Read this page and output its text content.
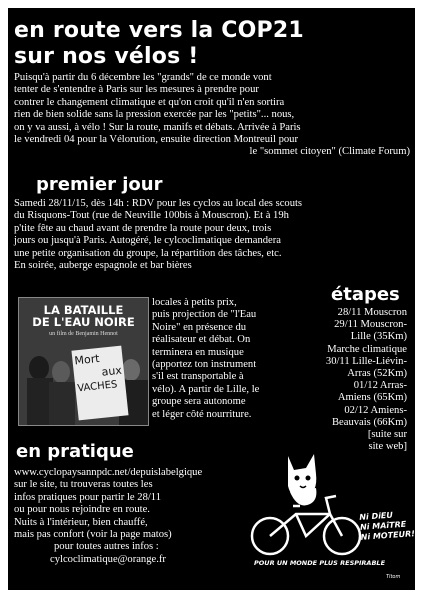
en route vers la COP21
sur nos vélos !

Puisqu'à partir du 6 décembre les "grands" de ce monde vont

tenter de s'entendre à Paris sur les mesures à prendre pour

contrer le changement climatique et qu'on croit qu'il n'en sortira

rien de bien solide sans la pression exercée par les "petits"... nous,

on y va aussi, à vélo ! Sur la route, manifs et débats. Arrivée à Paris

le vendredi 04 pour la Vélorution, ensuite direction Montreuil pour

le "sommet citoyen" (Climate Forum)

premier jour

Samedi 28/11/15, dès 14h : RDV pour les cyclos au local des scouts

du Risquons-Tout (rue de Neuville 100bis à Mouscron). Et à 19h

p'tite fête au chaud avant de prendre la route pour deux, trois

jours ou jusqu'à Paris. Autogéré, le cylcoclimatique demandera

une petite organisation du groupe, la répartition des tâches, etc.

En soirée, auberge espagnole et bar bières

LA BATAILLE
DE L'EAU NOIRE
un film de Benjamin Hennot
Mort
aux
VACHES

locales à petits prix,

puis projection de "l'Eau

Noire" en présence du

réalisateur et débat. On

terminera en musique

(apportez ton instrument

s'il est transportable à

vélo). A partir de Lille, le

groupe sera autonome

et léger côté nourriture.

étapes
28/11 Mouscron
29/11 Mouscron-
Lille (35Km)
Marche climatique
30/11 Lille-Liévin-
Arras (52Km)
01/12 Arras-
Amiens (65Km)
02/12 Amiens-
Beauvais (66Km)
[suite sur
site web]
en pratique

www.cyclopaysannpdc.net/depuislabelgique

sur le site, tu trouveras toutes les

infos pratiques pour partir le 28/11

ou pour nous rejoindre en route.

Nuits à l'intérieur, bien chauffé,

mais pas confort (voir la page matos)

pour toutes autres infos :

cylcoclimatique@orange.fr

Ni DiEU
Ni MAîTRE
Ni MOTEUR!
POUR UN MONDE PLUS RESPIRABLE
Titom
